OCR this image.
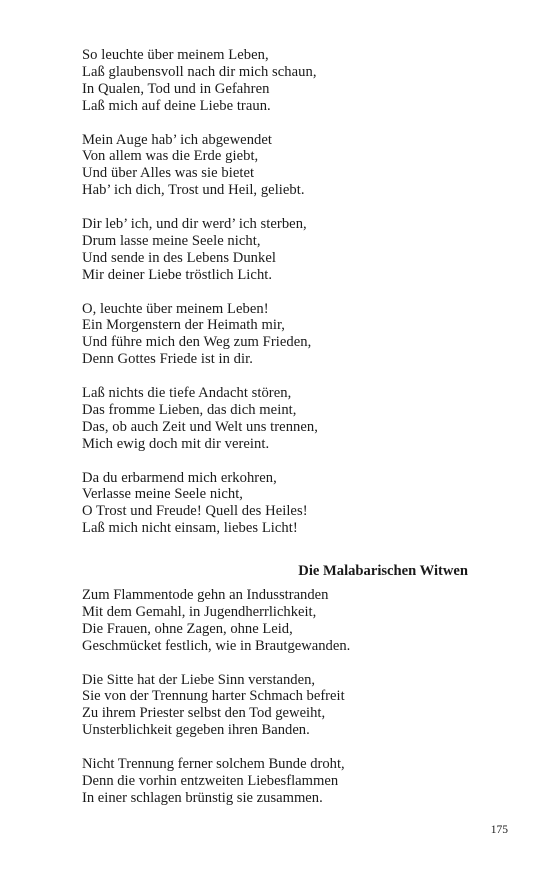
So leuchte über meinem Leben,
Laß glaubensvoll nach dir mich schaun,
In Qualen, Tod und in Gefahren
Laß mich auf deine Liebe traun.
Mein Auge hab’ ich abgewendet
Von allem was die Erde giebt,
Und über Alles was sie bietet
Hab’ ich dich, Trost und Heil, geliebt.
Dir leb’ ich, und dir werd’ ich sterben,
Drum lasse meine Seele nicht,
Und sende in des Lebens Dunkel
Mir deiner Liebe tröstlich Licht.
O, leuchte über meinem Leben!
Ein Morgenstern der Heimath mir,
Und führe mich den Weg zum Frieden,
Denn Gottes Friede ist in dir.
Laß nichts die tiefe Andacht stören,
Das fromme Lieben, das dich meint,
Das, ob auch Zeit und Welt uns trennen,
Mich ewig doch mit dir vereint.
Da du erbarmend mich erkohren,
Verlasse meine Seele nicht,
O Trost und Freude! Quell des Heiles!
Laß mich nicht einsam, liebes Licht!
Die Malabarischen Witwen
Zum Flammentode gehn an Indusstranden
Mit dem Gemahl, in Jugendherrlichkeit,
Die Frauen, ohne Zagen, ohne Leid,
Geschmücket festlich, wie in Brautgewanden.
Die Sitte hat der Liebe Sinn verstanden,
Sie von der Trennung harter Schmach befreit
Zu ihrem Priester selbst den Tod geweiht,
Unsterblichkeit gegeben ihren Banden.
Nicht Trennung ferner solchem Bunde droht,
Denn die vorhin entzweiten Liebesflammen
In einer schlagen brünstig sie zusammen.
175
